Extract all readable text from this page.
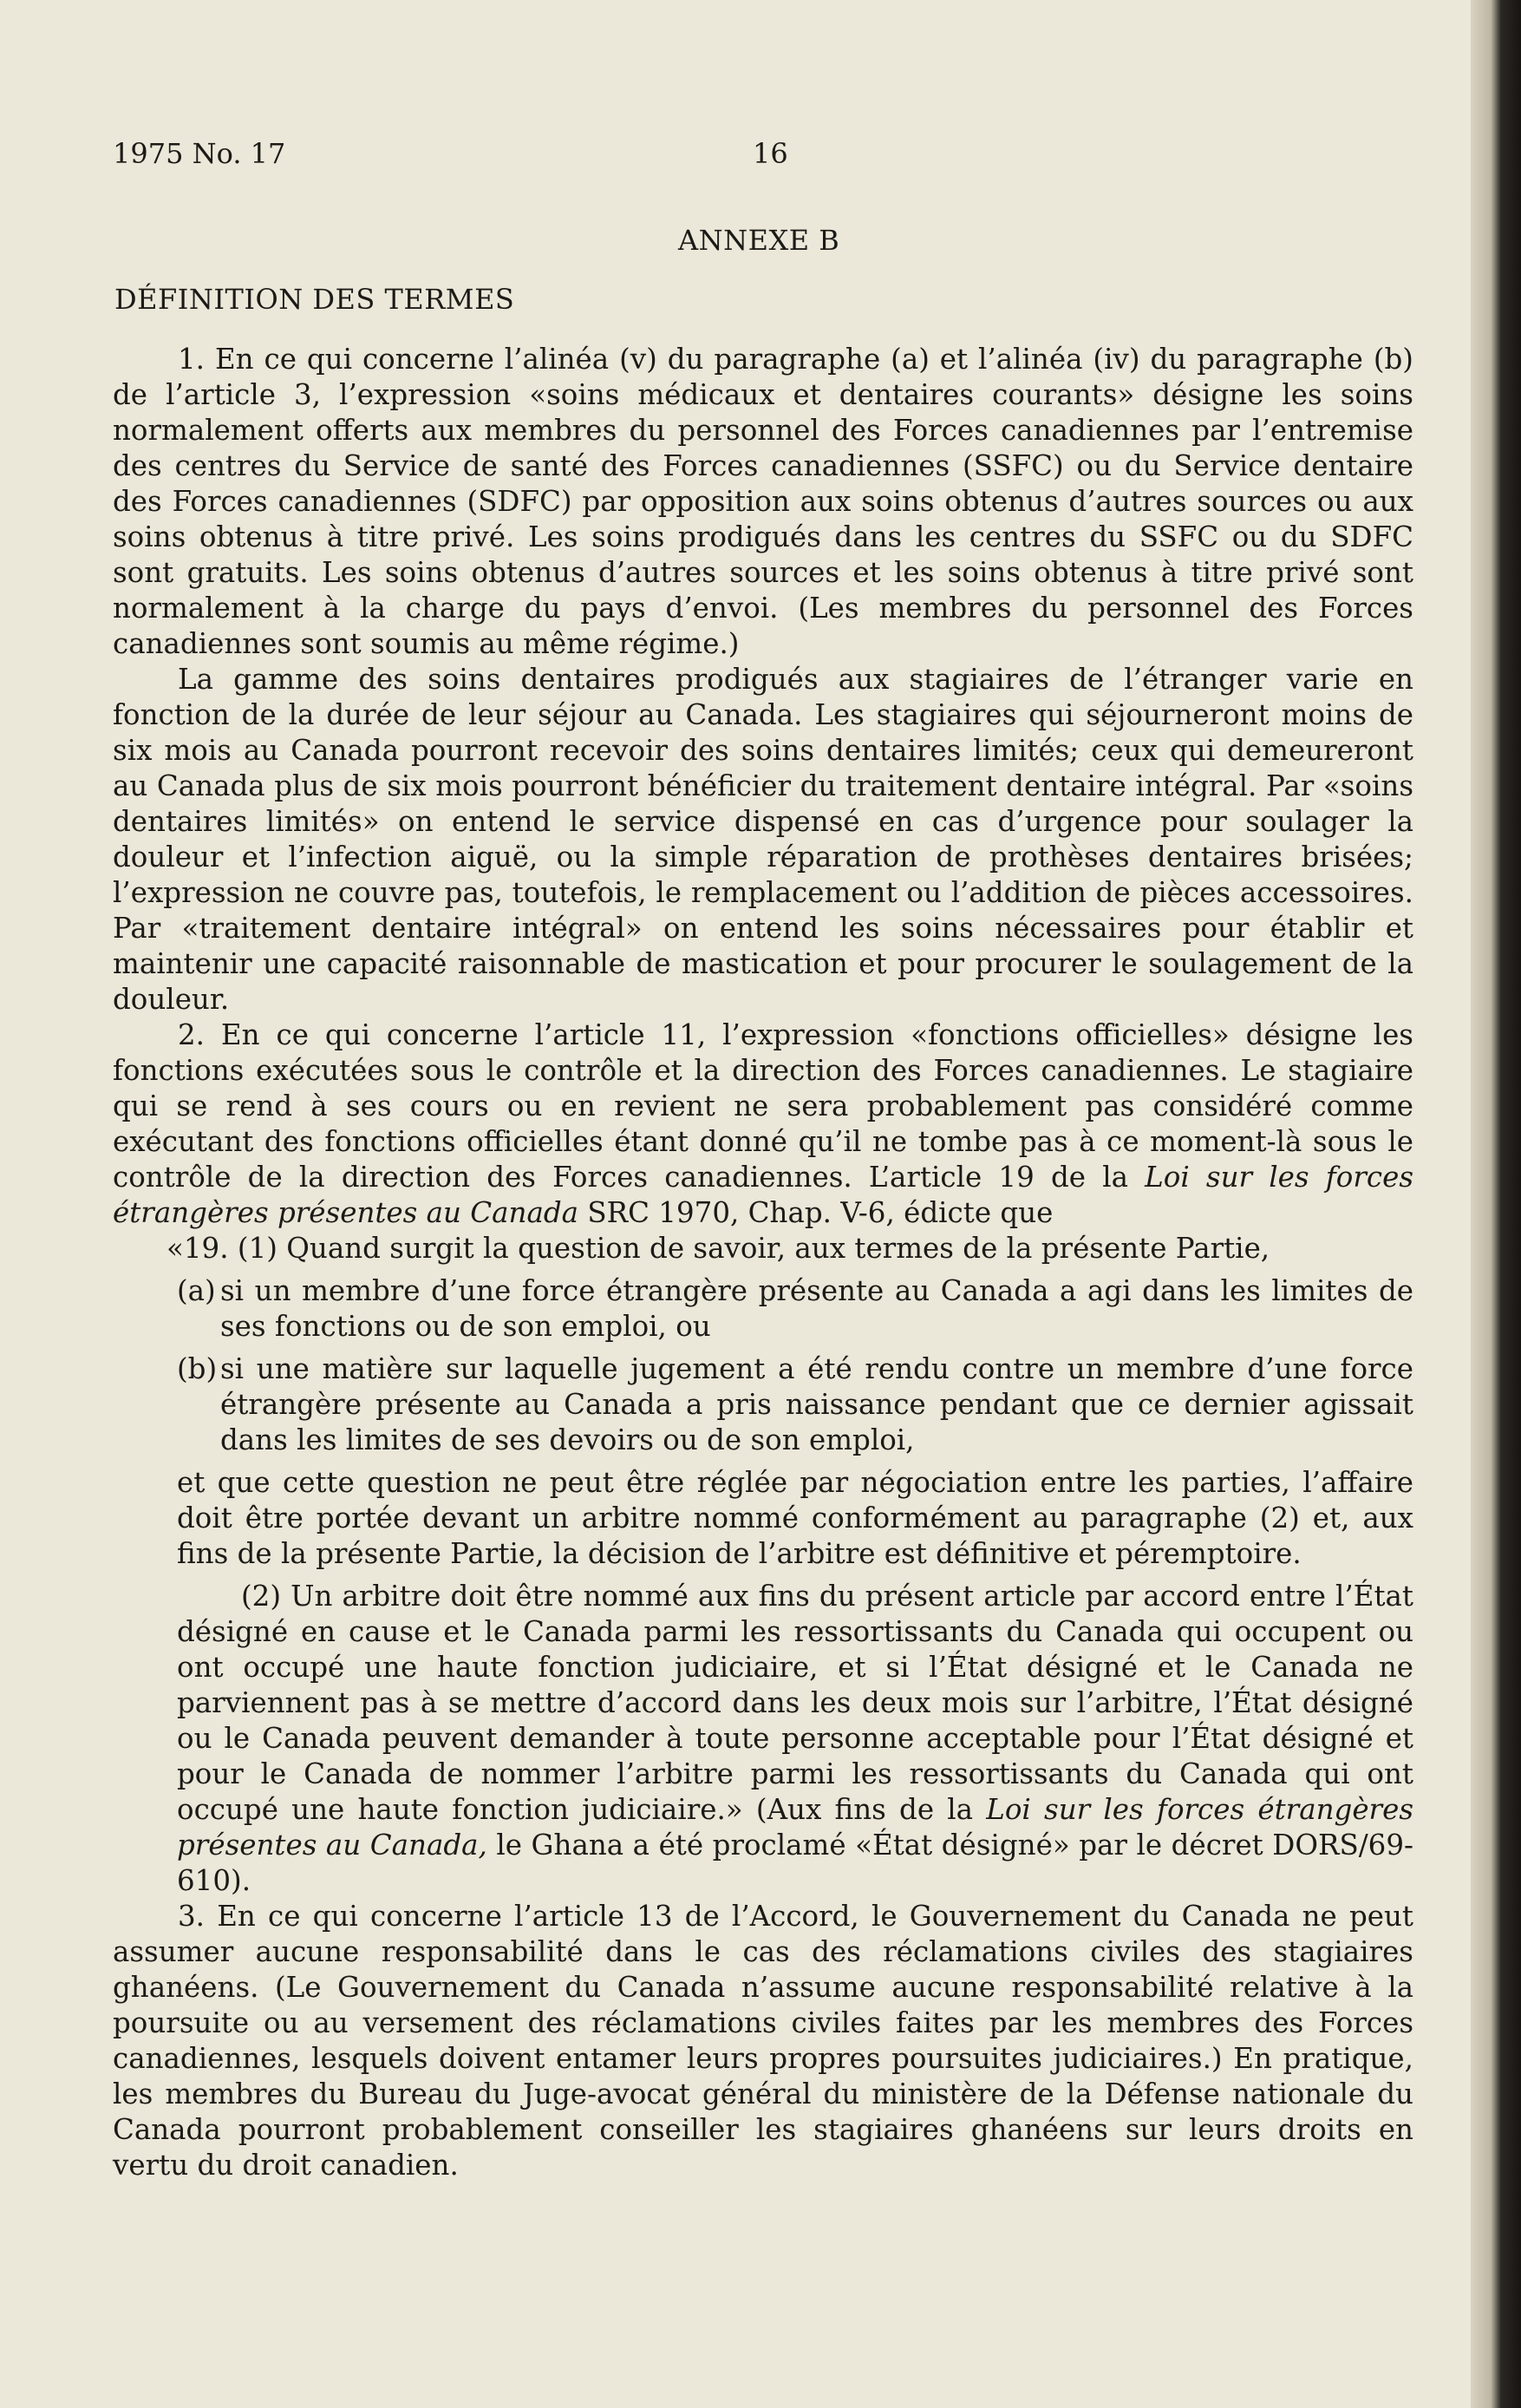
1975 No. 17	16
ANNEXE B
DÉFINITION DES TERMES

1. En ce qui concerne l’alinéa (v) du paragraphe (a) et l’alinéa (iv) du paragraphe (b) de l’article 3, l’expression «soins médicaux et dentaires courants» désigne les soins normalement offerts aux membres du personnel des Forces canadiennes par l’entremise des centres du Service de santé des Forces canadiennes (SSFC) ou du Service dentaire des Forces canadiennes (SDFC) par opposition aux soins obtenus d’autres sources ou aux soins obtenus à titre privé. Les soins prodigués dans les centres du SSFC ou du SDFC sont gratuits. Les soins obtenus d’autres sources et les soins obtenus à titre privé sont normalement à la charge du pays d’envoi. (Les membres du personnel des Forces canadiennes sont soumis au même régime.)

La gamme des soins dentaires prodigués aux stagiaires de l’étranger varie en fonction de la durée de leur séjour au Canada. Les stagiaires qui séjourneront moins de six mois au Canada pourront recevoir des soins dentaires limités; ceux qui demeureront au Canada plus de six mois pourront bénéficier du traitement dentaire intégral. Par «soins dentaires limités» on entend le service dispensé en cas d’urgence pour soulager la douleur et l’infection aiguë, ou la simple réparation de prothèses dentaires brisées; l’expression ne couvre pas, toutefois, le remplacement ou l’addition de pièces accessoires. Par «traitement dentaire intégral» on entend les soins nécessaires pour établir et maintenir une capacité raisonnable de mastication et pour procurer le soulagement de la douleur.

2. En ce qui concerne l’article 11, l’expression «fonctions officielles» désigne les fonctions exécutées sous le contrôle et la direction des Forces canadiennes. Le stagiaire qui se rend à ses cours ou en revient ne sera probablement pas considéré comme exécutant des fonctions officielles étant donné qu’il ne tombe pas à ce moment-là sous le contrôle de la direction des Forces canadiennes. L’article 19 de la Loi sur les forces étrangères présentes au Canada SRC 1970, Chap. V-6, édicte que

«19. (1) Quand surgit la question de savoir, aux termes de la présente Partie,

(a) si un membre d’une force étrangère présente au Canada a agi dans les limites de ses fonctions ou de son emploi, ou
(b) si une matière sur laquelle jugement a été rendu contre un membre d’une force étrangère présente au Canada a pris naissance pendant que ce dernier agissait dans les limites de ses devoirs ou de son emploi,

et que cette question ne peut être réglée par négociation entre les parties, l’affaire doit être portée devant un arbitre nommé conformément au paragraphe (2) et, aux fins de la présente Partie, la décision de l’arbitre est définitive et péremptoire.

(2) Un arbitre doit être nommé aux fins du présent article par accord entre l’État désigné en cause et le Canada parmi les ressortissants du Canada qui occupent ou ont occupé une haute fonction judiciaire, et si l’État désigné et le Canada ne parviennent pas à se mettre d’accord dans les deux mois sur l’arbitre, l’État désigné ou le Canada peuvent demander à toute personne acceptable pour l’État désigné et pour le Canada de nommer l’arbitre parmi les ressortissants du Canada qui ont occupé une haute fonction judiciaire.» (Aux fins de la Loi sur les forces étrangères présentes au Canada, le Ghana a été proclamé «État désigné» par le décret DORS/69-610).

3. En ce qui concerne l’article 13 de l’Accord, le Gouvernement du Canada ne peut assumer aucune responsabilité dans le cas des réclamations civiles des stagiaires ghanéens. (Le Gouvernement du Canada n’assume aucune responsabilité relative à la poursuite ou au versement des réclamations civiles faites par les membres des Forces canadiennes, lesquels doivent entamer leurs propres poursuites judiciaires.) En pratique, les membres du Bureau du Juge-avocat général du ministère de la Défense nationale du Canada pourront probablement conseiller les stagiaires ghanéens sur leurs droits en vertu du droit canadien.
